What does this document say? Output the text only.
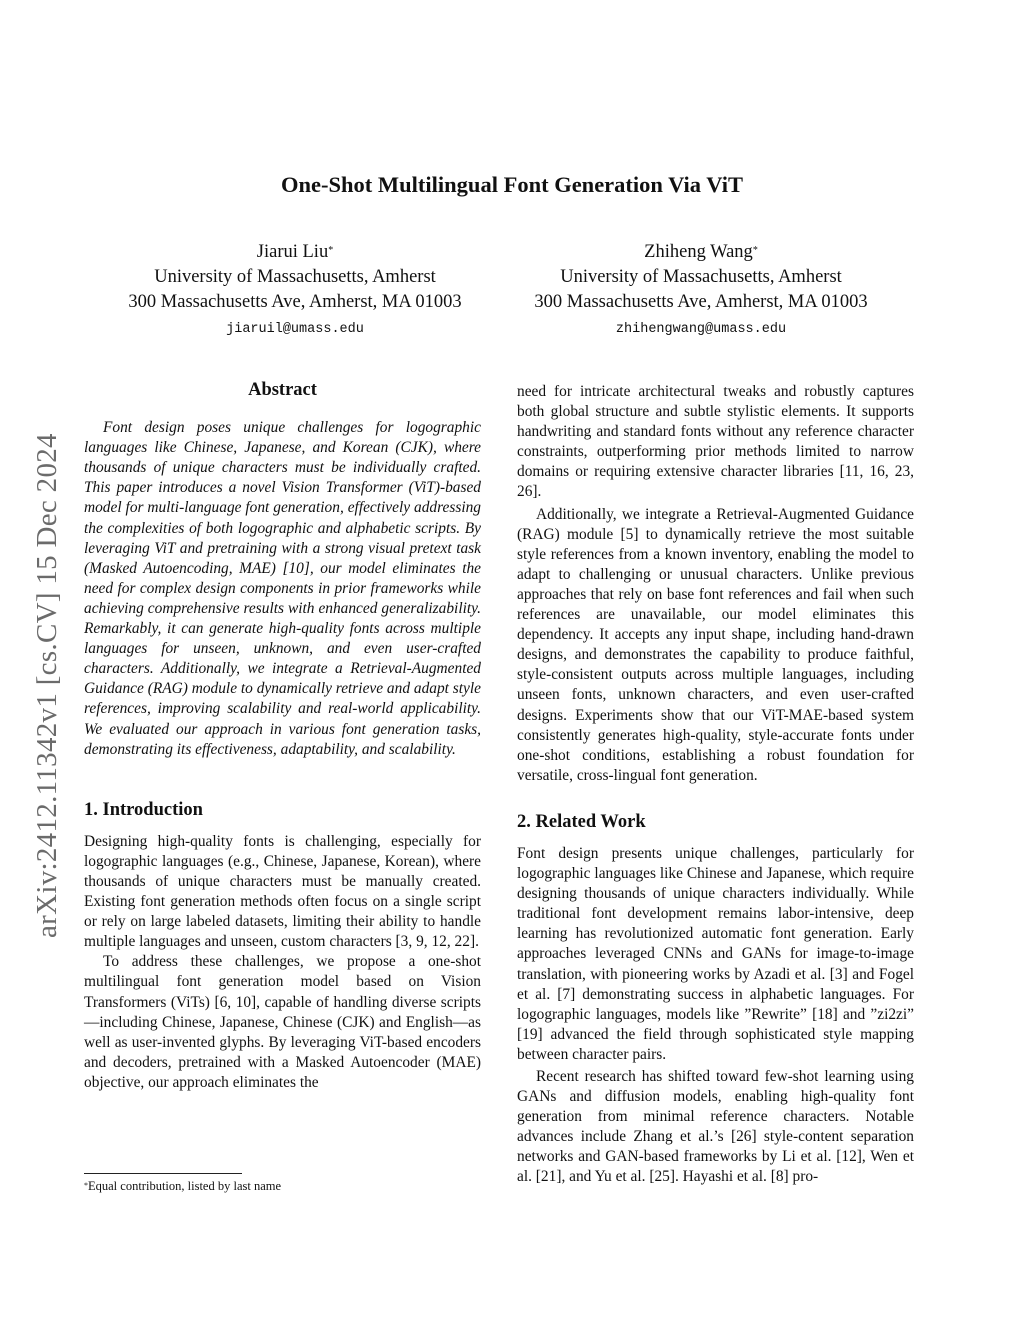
arXiv:2412.11342v1 [cs.CV] 15 Dec 2024
One-Shot Multilingual Font Generation Via ViT
Jiarui Liu*
University of Massachusetts, Amherst
300 Massachusetts Ave, Amherst, MA 01003
jiaruil@umass.edu
Zhiheng Wang*
University of Massachusetts, Amherst
300 Massachusetts Ave, Amherst, MA 01003
zhihengwang@umass.edu
Abstract

Font design poses unique challenges for logographic languages like Chinese, Japanese, and Korean (CJK), where thousands of unique characters must be individually crafted. This paper introduces a novel Vision Transformer (ViT)-based model for multi-language font generation, effectively addressing the complexities of both logographic and alphabetic scripts. By leveraging ViT and pretraining with a strong visual pretext task (Masked Autoencoding, MAE) [10], our model eliminates the need for complex design components in prior frameworks while achieving comprehensive results with enhanced generalizability. Remarkably, it can generate high-quality fonts across multiple languages for unseen, unknown, and even user-crafted characters. Additionally, we integrate a Retrieval-Augmented Guidance (RAG) module to dynamically retrieve and adapt style references, improving scalability and real-world applicability. We evaluated our approach in various font generation tasks, demonstrating its effectiveness, adaptability, and scalability.

1. Introduction

Designing high-quality fonts is challenging, especially for logographic languages (e.g., Chinese, Japanese, Korean), where thousands of unique characters must be manually created. Existing font generation methods often focus on a single script or rely on large labeled datasets, limiting their ability to handle multiple languages and unseen, custom characters [3, 9, 12, 22].

To address these challenges, we propose a one-shot multilingual font generation model based on Vision Transformers (ViTs) [6, 10], capable of handling diverse scripts—including Chinese, Japanese, Chinese (CJK) and English—as well as user-invented glyphs. By leveraging ViT-based encoders and decoders, pretrained with a Masked Autoencoder (MAE) objective, our approach eliminates the

need for intricate architectural tweaks and robustly captures both global structure and subtle stylistic elements. It supports handwriting and standard fonts without any reference character constraints, outperforming prior methods limited to narrow domains or requiring extensive character libraries [11, 16, 23, 26].

Additionally, we integrate a Retrieval-Augmented Guidance (RAG) module [5] to dynamically retrieve the most suitable style references from a known inventory, enabling the model to adapt to challenging or unusual characters. Unlike previous approaches that rely on base font references and fail when such references are unavailable, our model eliminates this dependency. It accepts any input shape, including hand-drawn designs, and demonstrates the capability to produce faithful, style-consistent outputs across multiple languages, including unseen fonts, unknown characters, and even user-crafted designs. Experiments show that our ViT-MAE-based system consistently generates high-quality, style-accurate fonts under one-shot conditions, establishing a robust foundation for versatile, cross-lingual font generation.

2. Related Work

Font design presents unique challenges, particularly for logographic languages like Chinese and Japanese, which require designing thousands of unique characters individually. While traditional font development remains labor-intensive, deep learning has revolutionized automatic font generation. Early approaches leveraged CNNs and GANs for image-to-image translation, with pioneering works by Azadi et al. [3] and Fogel et al. [7] demonstrating success in alphabetic languages. For logographic languages, models like ”Rewrite” [18] and ”zi2zi” [19] advanced the field through sophisticated style mapping between character pairs.

Recent research has shifted toward few-shot learning using GANs and diffusion models, enabling high-quality font generation from minimal reference characters. Notable advances include Zhang et al.’s [26] style-content separation networks and GAN-based frameworks by Li et al. [12], Wen et al. [21], and Yu et al. [25]. Hayashi et al. [8] pro-

*Equal contribution, listed by last name
